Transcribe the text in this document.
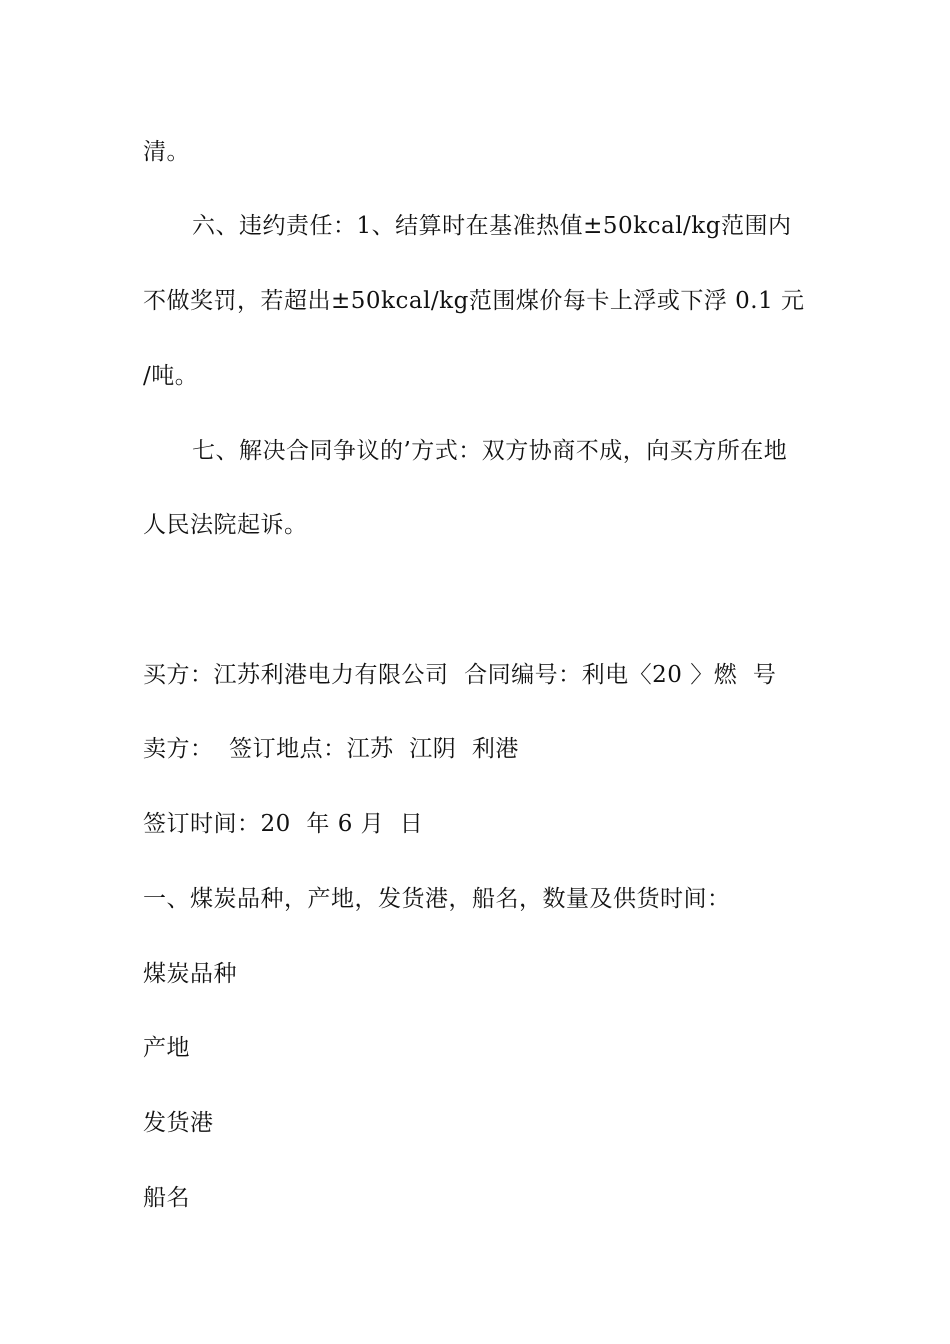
清。
六、违约责任：1、结算时在基准热值±50kcal/kg范围内
不做奖罚，若超出±50kcal/kg范围煤价每卡上浮或下浮 0.1 元
/吨。
七、解决合同争议的’方式：双方协商不成，向买方所在地
人民法院起诉。
买方：江苏利港电力有限公司  合同编号：利电〈20 〉燃  号
卖方：  签订地点：江苏  江阴  利港
签订时间：20  年 6 月  日
一、煤炭品种，产地，发货港，船名，数量及供货时间：
煤炭品种
产地
发货港
船名
